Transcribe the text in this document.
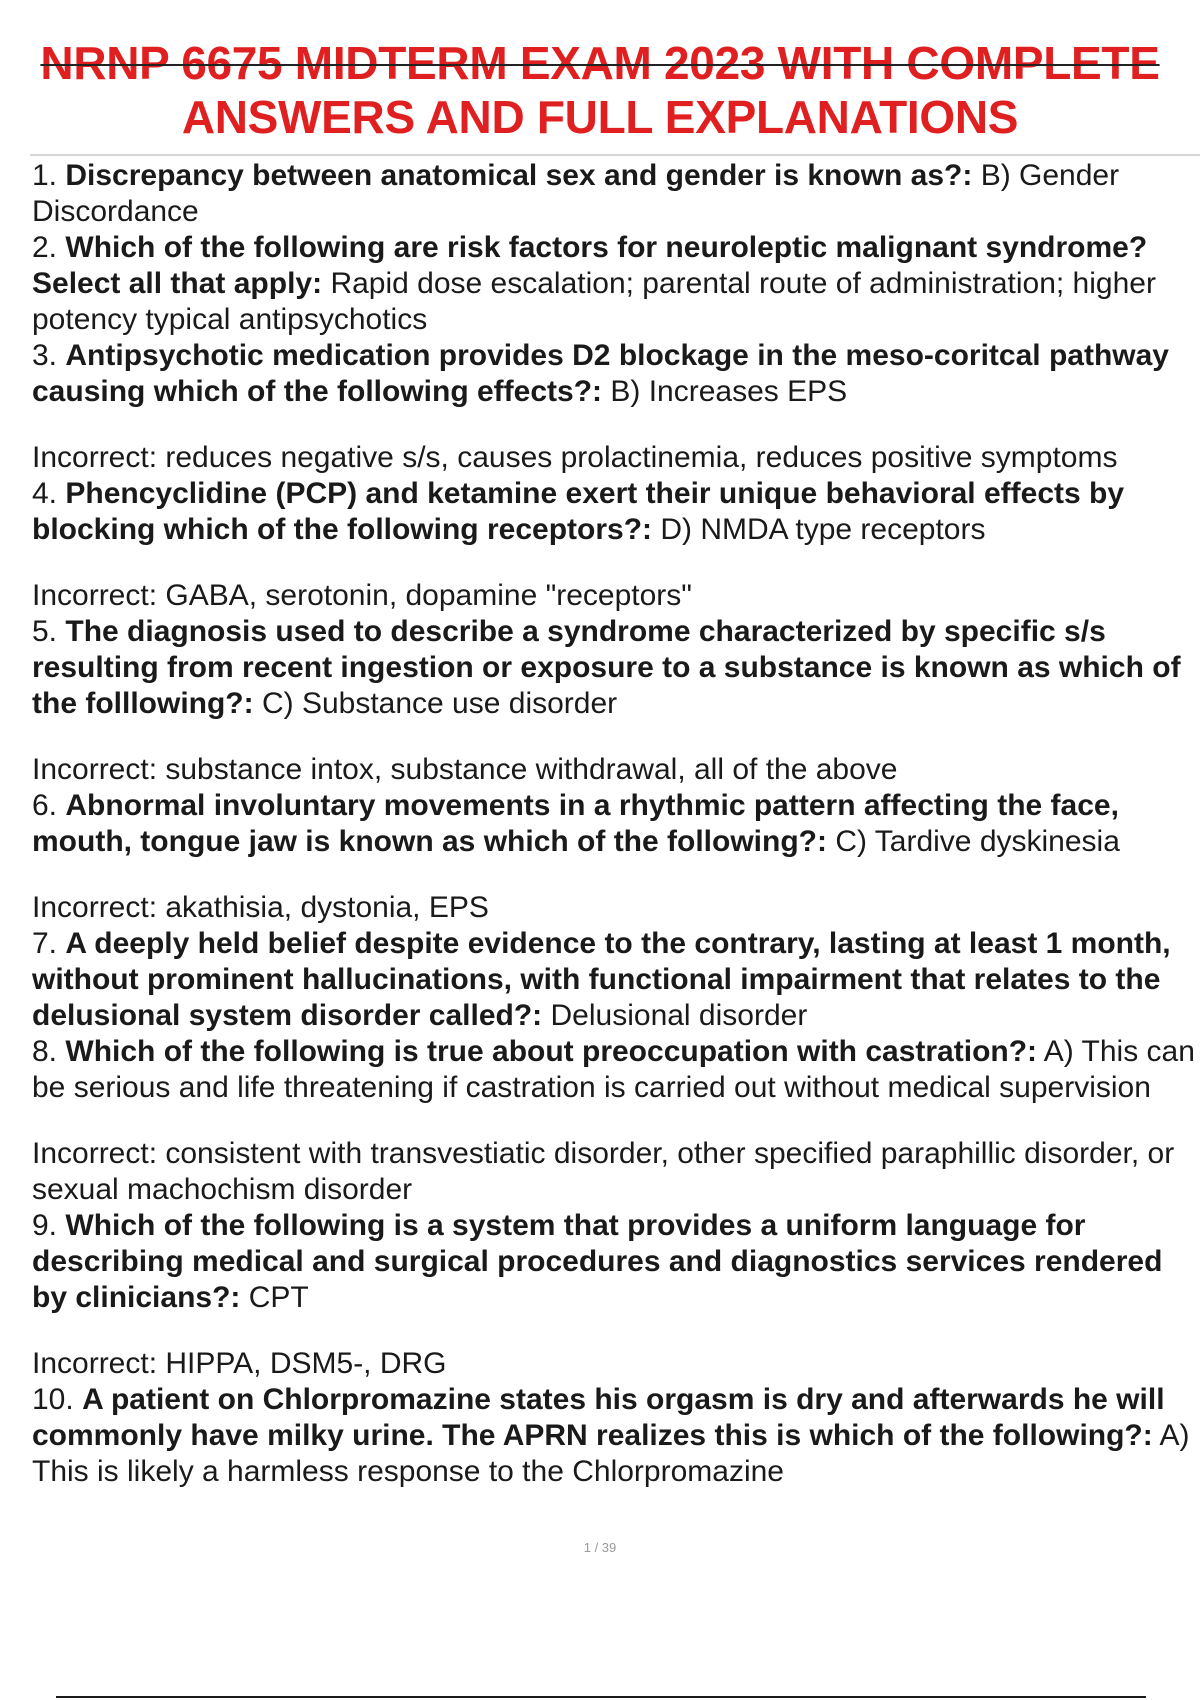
NRNP 6675 MIDTERM EXAM 2023 WITH COMPLETE
ANSWERS AND FULL EXPLANATIONS
1. Discrepancy between anatomical sex and gender is known as?: B) Gender Discordance
2. Which of the following are risk factors for neuroleptic malignant syndrome? Select all that apply: Rapid dose escalation; parental route of administration; higher potency typical antipsychotics
3. Antipsychotic medication provides D2 blockage in the meso-coritcal pathway causing which of the following effects?: B) Increases EPS
Incorrect: reduces negative s/s, causes prolactinemia, reduces positive symptoms
4. Phencyclidine (PCP) and ketamine exert their unique behavioral effects by blocking which of the following receptors?: D) NMDA type receptors
Incorrect: GABA, serotonin, dopamine "receptors"
5. The diagnosis used to describe a syndrome characterized by specific s/s resulting from recent ingestion or exposure to a substance is known as which of the folllowing?: C) Substance use disorder
Incorrect: substance intox, substance withdrawal, all of the above
6. Abnormal involuntary movements in a rhythmic pattern affecting the face, mouth, tongue jaw is known as which of the following?: C) Tardive dyskinesia
Incorrect: akathisia, dystonia, EPS
7. A deeply held belief despite evidence to the contrary, lasting at least 1 month, without prominent hallucinations, with functional impairment that relates to the delusional system disorder called?: Delusional disorder
8. Which of the following is true about preoccupation with castration?: A) This can be serious and life threatening if castration is carried out without medical supervision
Incorrect: consistent with transvestiatic disorder, other specified paraphillic disorder, or sexual machochism disorder
9. Which of the following is a system that provides a uniform language for describing medical and surgical procedures and diagnostics services rendered by clinicians?: CPT
Incorrect: HIPPA, DSM5-, DRG
10. A patient on Chlorpromazine states his orgasm is dry and afterwards he will commonly have milky urine. The APRN realizes this is which of the following?: A) This is likely a harmless response to the Chlorpromazine
1 / 39
